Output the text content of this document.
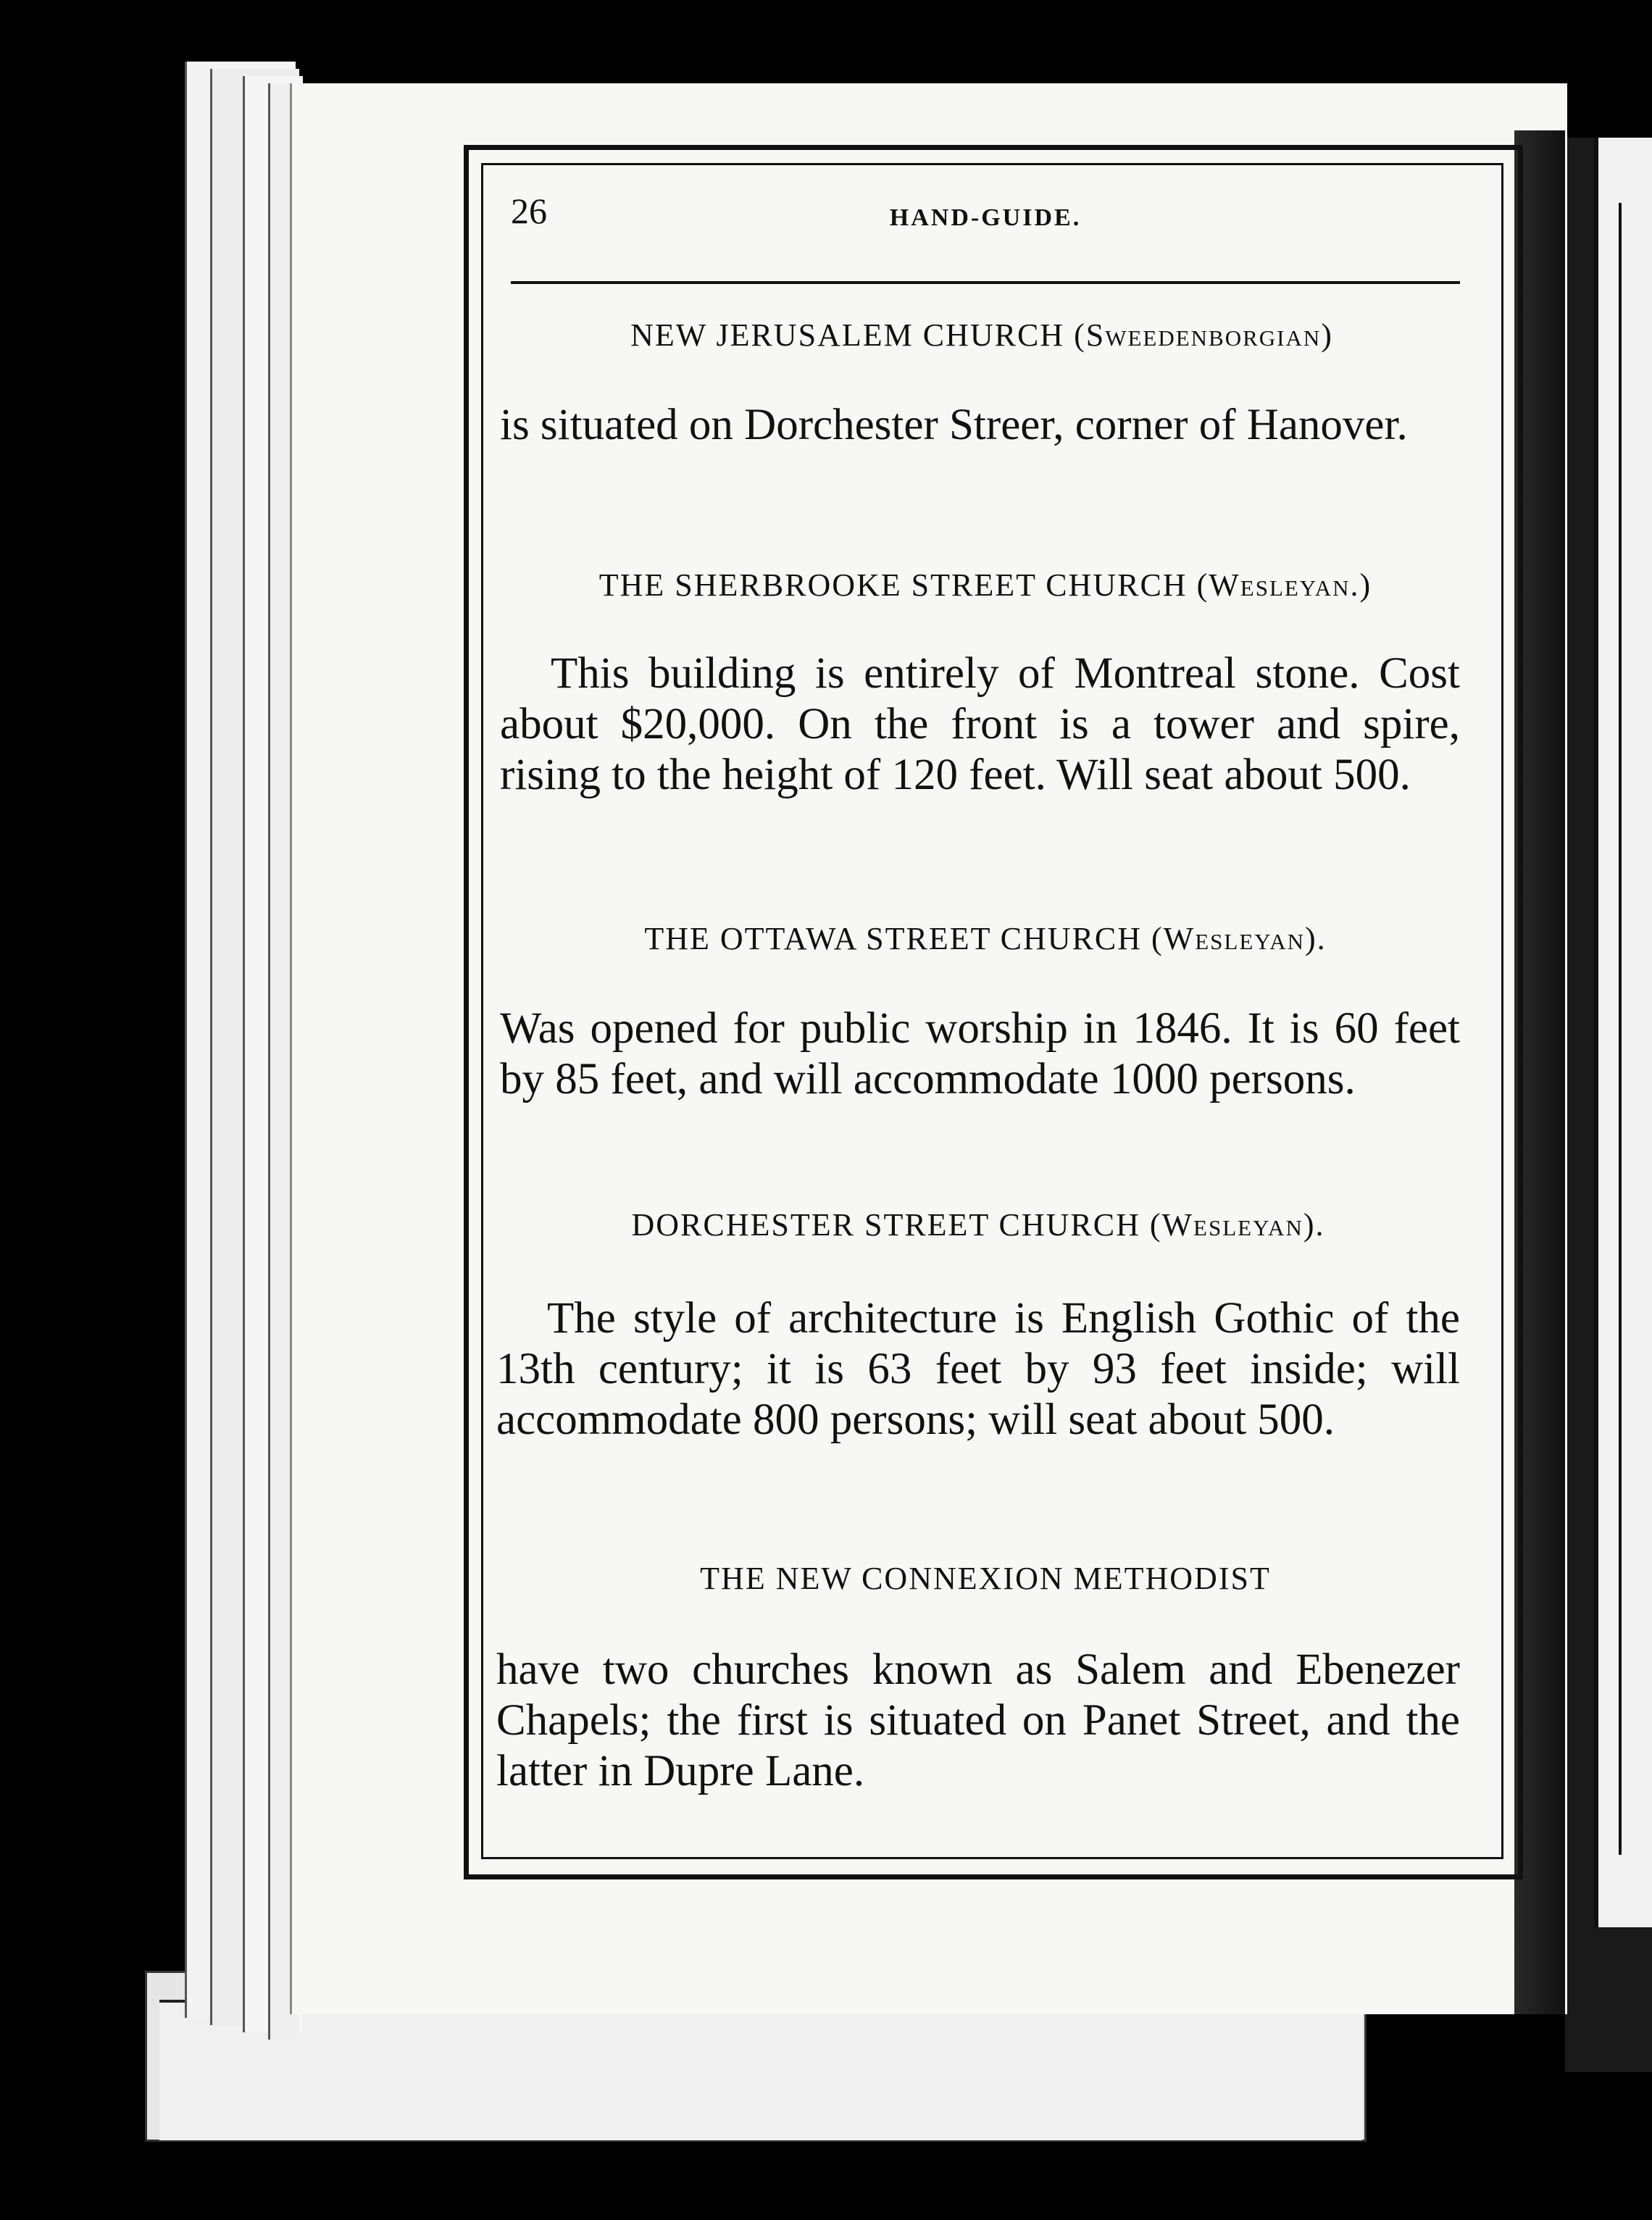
26	HAND-GUIDE.
NEW JERUSALEM CHURCH (Sweedenborgian)
is situated on Dorchester Streer, corner of Hanover.
THE SHERBROOKE STREET CHURCH (Wesleyan.)
This building is entirely of Montreal stone. Cost about $20,000. On the front is a tower and spire, rising to the height of 120 feet. Will seat about 500.
THE OTTAWA STREET CHURCH (Wesleyan).
Was opened for public worship in 1846. It is 60 feet by 85 feet, and will accommodate 1000 persons.
DORCHESTER STREET CHURCH (Wesleyan).
The style of architecture is English Gothic of the 13th century; it is 63 feet by 93 feet inside; will accommodate 800 persons; will seat about 500.
THE NEW CONNEXION METHODIST
have two churches known as Salem and Ebenezer Chapels; the first is situated on Panet Street, and the latter in Dupre Lane.
